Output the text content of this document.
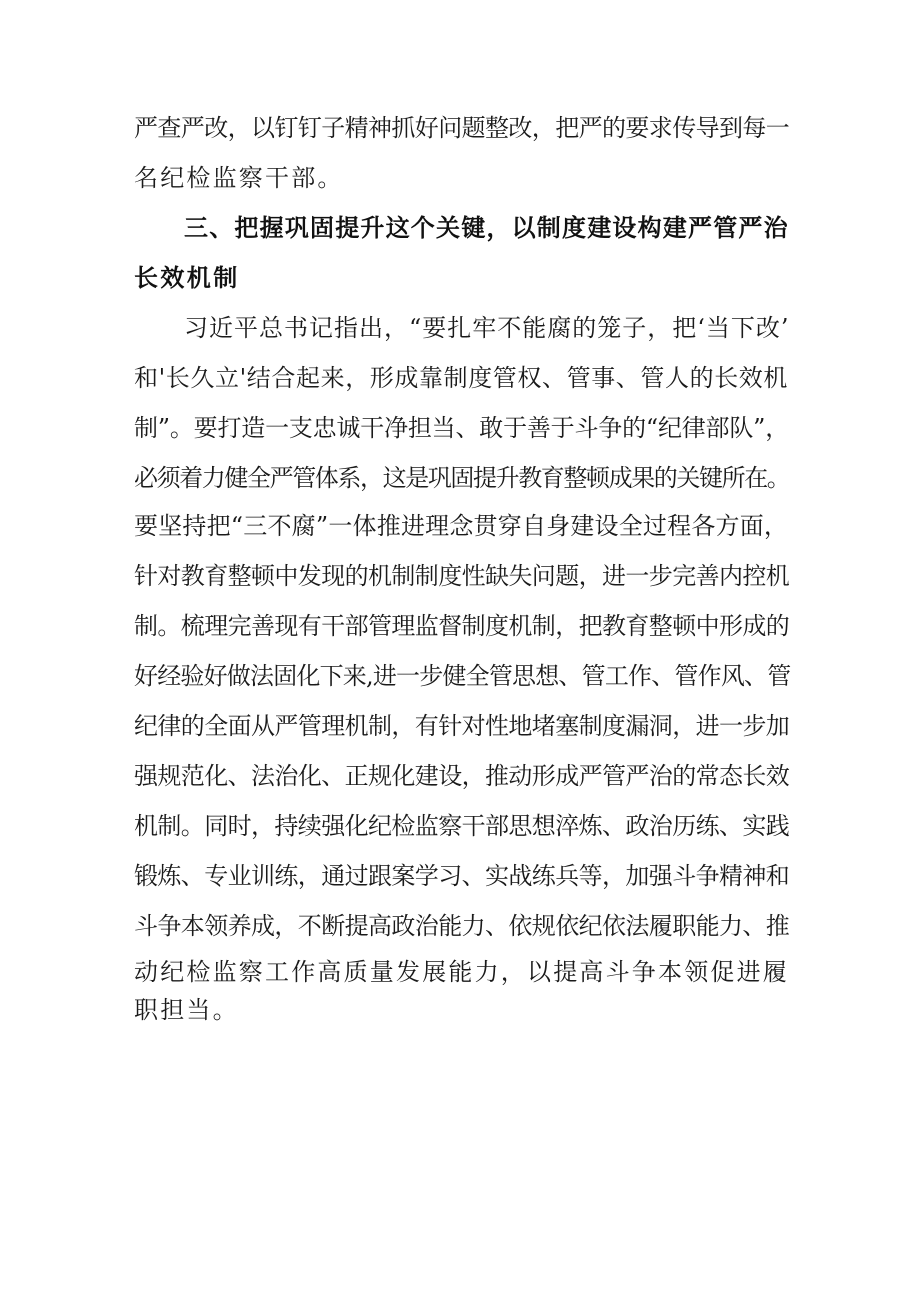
严查严改，以钉钉子精神抓好问题整改，把严的要求传导到每一
名纪检监察干部。
三、把握巩固提升这个关键，以制度建设构建严管严治
长效机制
习近平总书记指出，“要扎牢不能腐的笼子，把‘当下改’
和'长久立'结合起来，形成靠制度管权、管事、管人的长效机
制”。要打造一支忠诚干净担当、敢于善于斗争的“纪律部队”，
必须着力健全严管体系，这是巩固提升教育整顿成果的关键所在。
要坚持把“三不腐”一体推进理念贯穿自身建设全过程各方面，
针对教育整顿中发现的机制制度性缺失问题，进一步完善内控机
制。梳理完善现有干部管理监督制度机制，把教育整顿中形成的
好经验好做法固化下来,进一步健全管思想、管工作、管作风、管
纪律的全面从严管理机制，有针对性地堵塞制度漏洞，进一步加
强规范化、法治化、正规化建设，推动形成严管严治的常态长效
机制。同时，持续强化纪检监察干部思想淬炼、政治历练、实践
锻炼、专业训练，通过跟案学习、实战练兵等，加强斗争精神和
斗争本领养成，不断提高政治能力、依规依纪依法履职能力、推
动纪检监察工作高质量发展能力，以提高斗争本领促进履
职担当。
